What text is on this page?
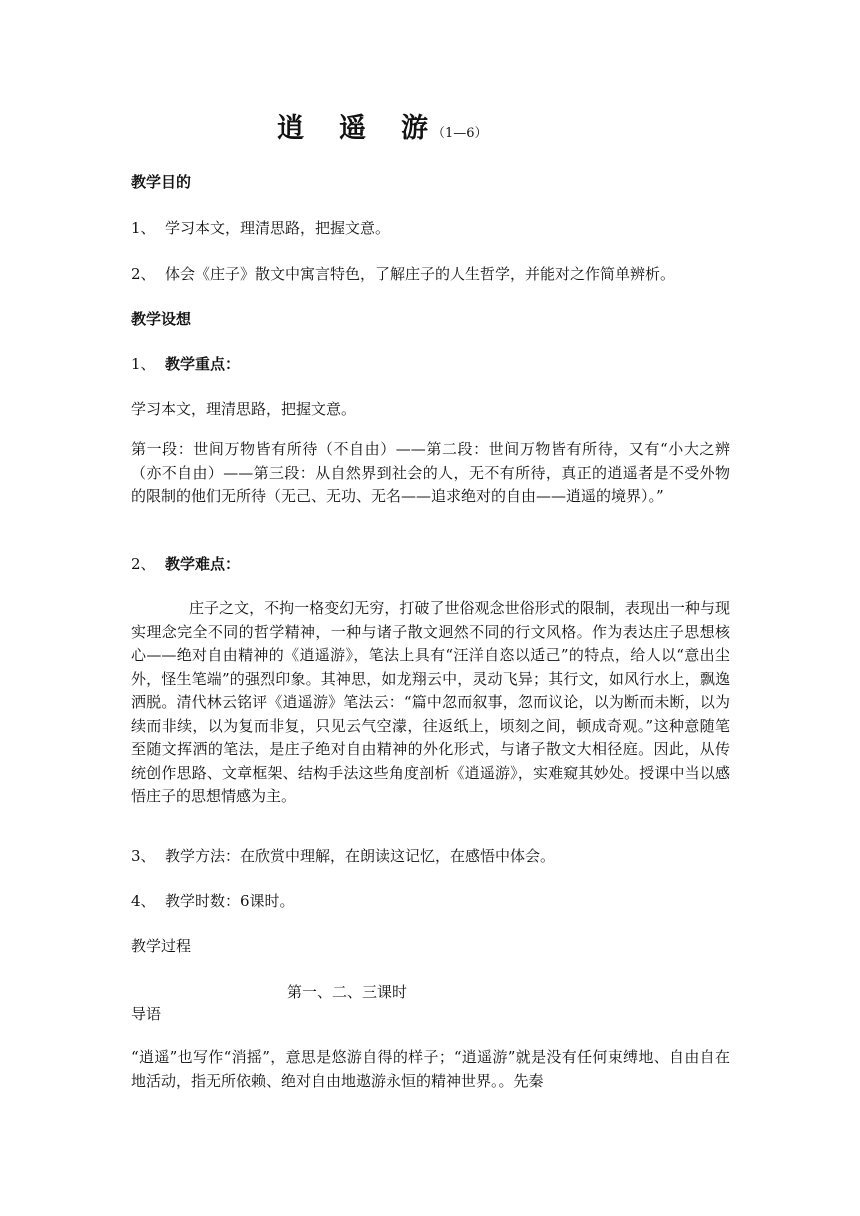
逍　遥　游（1—6）
教学目的
1、 学习本文，理清思路，把握文意。
2、 体会《庄子》散文中寓言特色，了解庄子的人生哲学，并能对之作简单辨析。
教学设想
1、 教学重点：
学习本文，理清思路，把握文意。

第一段：世间万物皆有所待（不自由）——第二段：世间万物皆有所待，又有“小大之辨（亦不自由）——第三段：从自然界到社会的人，无不有所待，真正的逍遥者是不受外物的限制的他们无所待（无己、无功、无名——追求绝对的自由——逍遥的境界）。”

2、 教学难点：

庄子之文，不拘一格变幻无穷，打破了世俗观念世俗形式的限制，表现出一种与现实理念完全不同的哲学精神，一种与诸子散文迥然不同的行文风格。作为表达庄子思想核心——绝对自由精神的《逍遥游》，笔法上具有“汪洋自恣以适己”的特点，给人以“意出尘外，怪生笔端”的强烈印象。其神思，如龙翔云中，灵动飞异；其行文，如风行水上，飘逸洒脱。清代林云铭评《逍遥游》笔法云：“篇中忽而叙事，忽而议论，以为断而未断，以为续而非续，以为复而非复，只见云气空濛，往返纸上，顷刻之间，顿成奇观。”这种意随笔至随文挥洒的笔法，是庄子绝对自由精神的外化形式，与诸子散文大相径庭。因此，从传统创作思路、文章框架、结构手法这些角度剖析《逍遥游》，实难窥其妙处。授课中当以感悟庄子的思想情感为主。

3、 教学方法：在欣赏中理解，在朗读这记忆，在感悟中体会。
4、 教学时数：6课时。
教学过程
第一、二、三课时
导语

“逍遥”也写作“消摇”，意思是悠游自得的样子；“逍遥游”就是没有任何束缚地、自由自在地活动，指无所依赖、绝对自由地遨游永恒的精神世界。。先秦
